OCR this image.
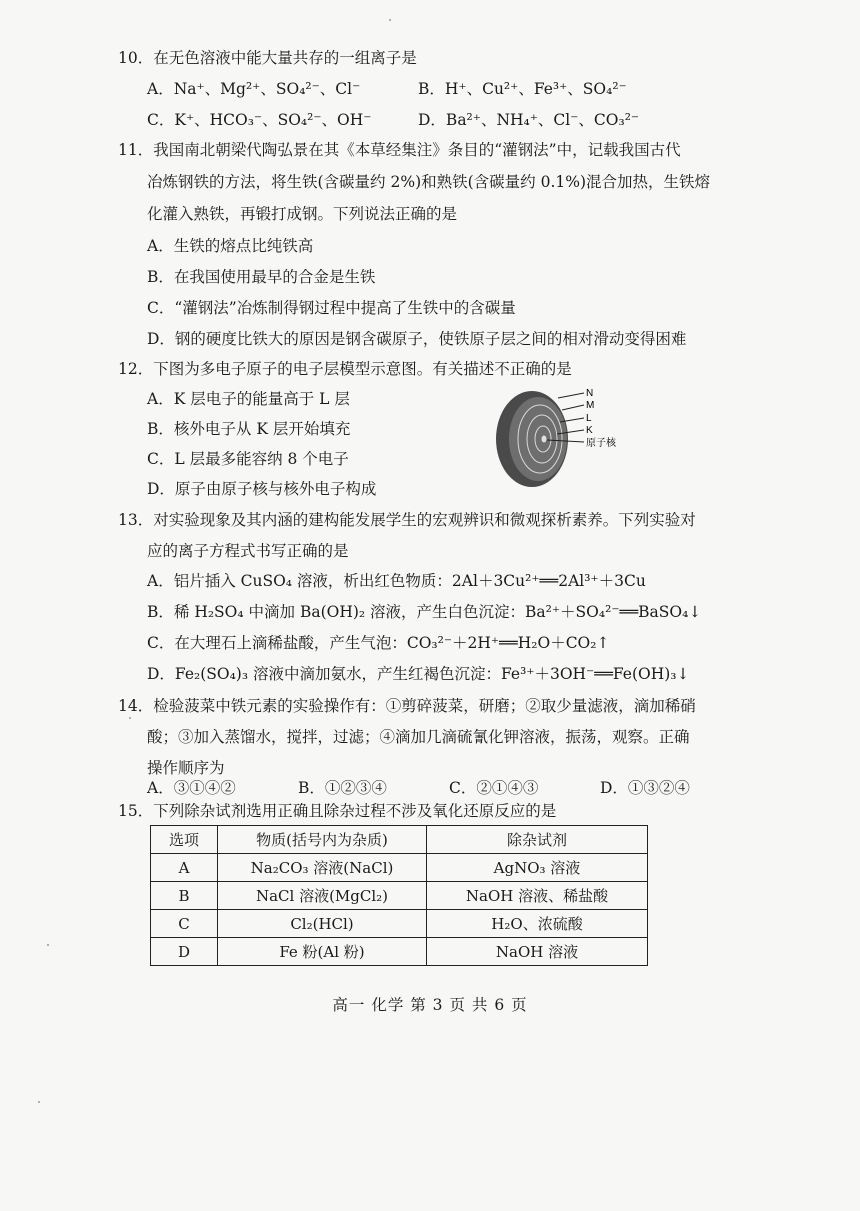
10．在无色溶液中能大量共存的一组离子是
A．Na⁺、Mg²⁺、SO₄²⁻、Cl⁻	B．H⁺、Cu²⁺、Fe³⁺、SO₄²⁻
C．K⁺、HCO₃⁻、SO₄²⁻、OH⁻	D．Ba²⁺、NH₄⁺、Cl⁻、CO₃²⁻
11．我国南北朝梁代陶弘景在其《本草经集注》条目的“灌钢法”中，记载我国古代
冶炼钢铁的方法，将生铁(含碳量约 2%)和熟铁(含碳量约 0.1%)混合加热，生铁熔
化灌入熟铁，再锻打成钢。下列说法正确的是
A．生铁的熔点比纯铁高
B．在我国使用最早的合金是生铁
C．“灌钢法”冶炼制得钢过程中提高了生铁中的含碳量
D．钢的硬度比铁大的原因是钢含碳原子，使铁原子层之间的相对滑动变得困难
12．下图为多电子原子的电子层模型示意图。有关描述不正确的是
A．K 层电子的能量高于 L 层
B．核外电子从 K 层开始填充
C．L 层最多能容纳 8 个电子
D．原子由原子核与核外电子构成
N
M
L
K
原子核
13．对实验现象及其内涵的建构能发展学生的宏观辨识和微观探析素养。下列实验对
应的离子方程式书写正确的是
A．铝片插入 CuSO₄ 溶液，析出红色物质：2Al＋3Cu²⁺══2Al³⁺＋3Cu
B．稀 H₂SO₄ 中滴加 Ba(OH)₂ 溶液，产生白色沉淀：Ba²⁺＋SO₄²⁻══BaSO₄↓
C．在大理石上滴稀盐酸，产生气泡：CO₃²⁻＋2H⁺══H₂O＋CO₂↑
D．Fe₂(SO₄)₃ 溶液中滴加氨水，产生红褐色沉淀：Fe³⁺＋3OH⁻══Fe(OH)₃↓
14．检验菠菜中铁元素的实验操作有：①剪碎菠菜，研磨；②取少量滤液，滴加稀硝
酸；③加入蒸馏水，搅拌，过滤；④滴加几滴硫氰化钾溶液，振荡，观察。正确
操作顺序为
A．③①④②	B．①②③④	C．②①④③	D．①③②④
15．下列除杂试剂选用正确且除杂过程不涉及氧化还原反应的是
选项	物质(括号内为杂质)	除杂试剂
A	Na₂CO₃ 溶液(NaCl)	AgNO₃ 溶液
B	NaCl 溶液(MgCl₂)	NaOH 溶液、稀盐酸
C	Cl₂(HCl)	H₂O、浓硫酸
D	Fe 粉(Al 粉)	NaOH 溶液
高一 化学 第 3 页 共 6 页
